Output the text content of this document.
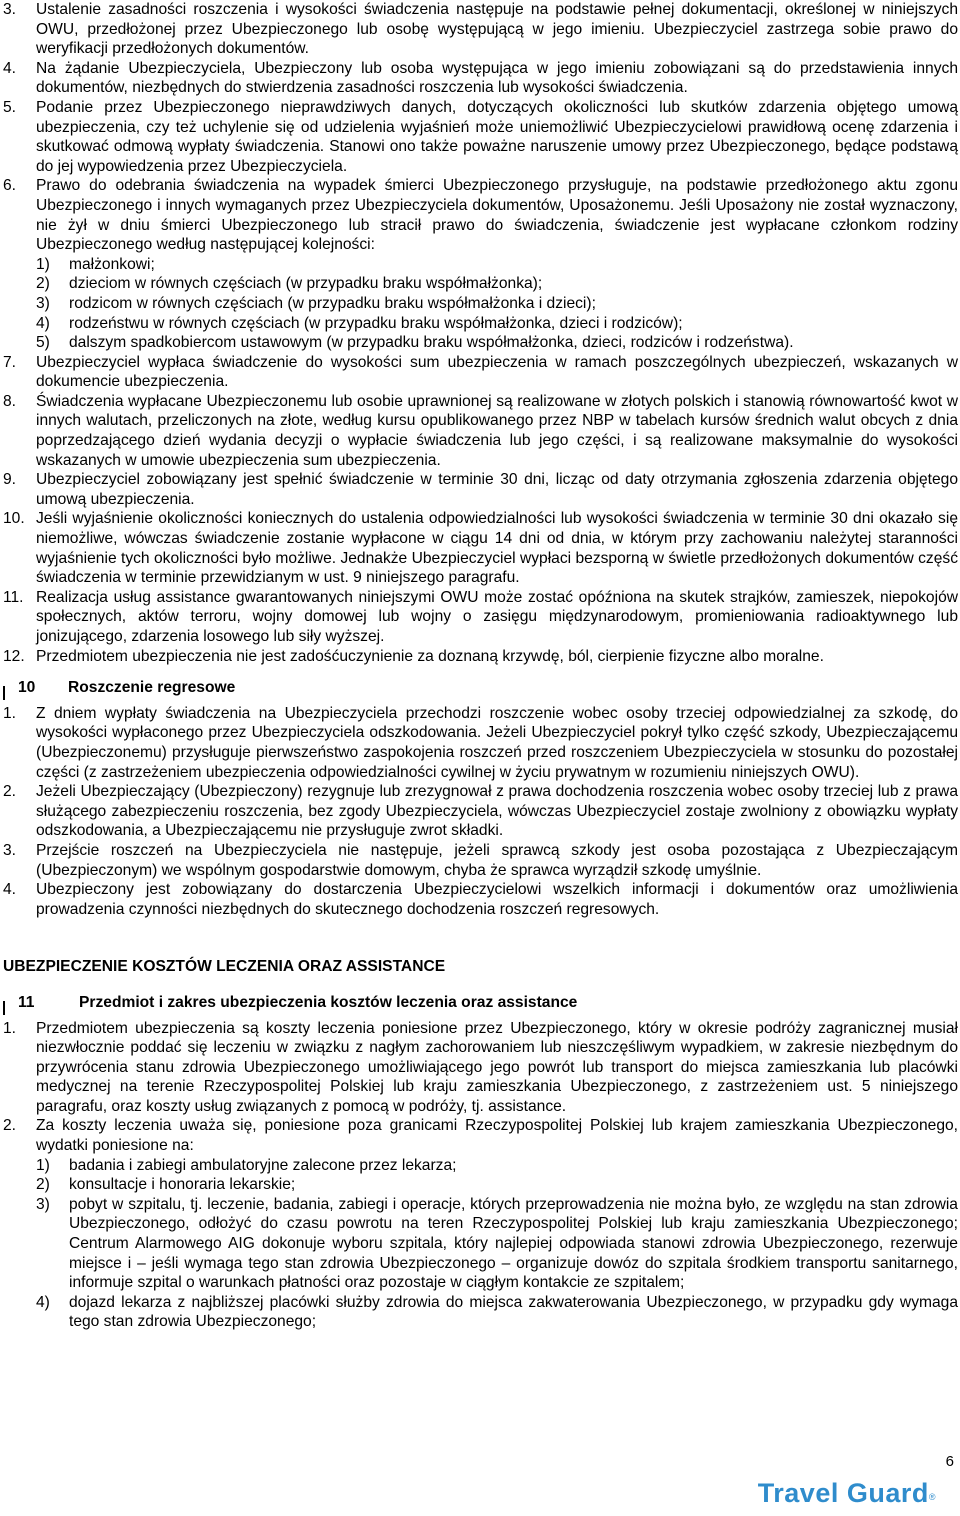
3. Ustalenie zasadności roszczenia i wysokości świadczenia następuje na podstawie pełnej dokumentacji, określonej w niniejszych OWU, przedłożonej przez Ubezpieczonego lub osobę występującą w jego imieniu. Ubezpieczyciel zastrzega sobie prawo do weryfikacji przedłożonych dokumentów.
4. Na żądanie Ubezpieczyciela, Ubezpieczony lub osoba występująca w jego imieniu zobowiązani są do przedstawienia innych dokumentów, niezbędnych do stwierdzenia zasadności roszczenia lub wysokości świadczenia.
5. Podanie przez Ubezpieczonego nieprawdziwych danych, dotyczących okoliczności lub skutków zdarzenia objętego umową ubezpieczenia, czy też uchylenie się od udzielenia wyjaśnień może uniemożliwić Ubezpieczycielowi prawidłową ocenę zdarzenia i skutkować odmową wypłaty świadczenia. Stanowi ono także poważne naruszenie umowy przez Ubezpieczonego, będące podstawą do jej wypowiedzenia przez Ubezpieczyciela.
6. Prawo do odebrania świadczenia na wypadek śmierci Ubezpieczonego przysługuje, na podstawie przedłożonego aktu zgonu Ubezpieczonego i innych wymaganych przez Ubezpieczyciela dokumentów, Uposażonemu. Jeśli Uposażony nie został wyznaczony, nie żył w dniu śmierci Ubezpieczonego lub stracił prawo do świadczenia, świadczenie jest wypłacane członkom rodziny Ubezpieczonego według następującej kolejności:
1) małżonkowi;
2) dzieciom w równych częściach (w przypadku braku współmałżonka);
3) rodzicom w równych częściach (w przypadku braku współmałżonka i dzieci);
4) rodzeństwu w równych częściach (w przypadku braku współmałżonka, dzieci i rodziców);
5) dalszym spadkobiercom ustawowym (w przypadku braku współmałżonka, dzieci, rodziców i rodzeństwa).
7. Ubezpieczyciel wypłaca świadczenie do wysokości sum ubezpieczenia w ramach poszczególnych ubezpieczeń, wskazanych w dokumencie ubezpieczenia.
8. Świadczenia wypłacane Ubezpieczonemu lub osobie uprawnionej są realizowane w złotych polskich i stanowią równowartość kwot w innych walutach, przeliczonych na złote, według kursu opublikowanego przez NBP w tabelach kursów średnich walut obcych z dnia poprzedzającego dzień wydania decyzji o wypłacie świadczenia lub jego części, i są realizowane maksymalnie do wysokości wskazanych w umowie ubezpieczenia sum ubezpieczenia.
9. Ubezpieczyciel zobowiązany jest spełnić świadczenie w terminie 30 dni, licząc od daty otrzymania zgłoszenia zdarzenia objętego umową ubezpieczenia.
10. Jeśli wyjaśnienie okoliczności koniecznych do ustalenia odpowiedzialności lub wysokości świadczenia w terminie 30 dni okazało się niemożliwe, wówczas świadczenie zostanie wypłacone w ciągu 14 dni od dnia, w którym przy zachowaniu należytej staranności wyjaśnienie tych okoliczności było możliwe. Jednakże Ubezpieczyciel wypłaci bezsporną w świetle przedłożonych dokumentów część świadczenia w terminie przewidzianym w ust. 9 niniejszego paragrafu.
11. Realizacja usług assistance gwarantowanych niniejszymi OWU może zostać opóźniona na skutek strajków, zamieszek, niepokojów społecznych, aktów terroru, wojny domowej lub wojny o zasięgu międzynarodowym, promieniowania radioaktywnego lub jonizującego, zdarzenia losowego lub siły wyższej.
12. Przedmiotem ubezpieczenia nie jest zadośćuczynienie za doznaną krzywdę, ból, cierpienie fizyczne albo moralne.
10 Roszczenie regresowe
1. Z dniem wypłaty świadczenia na Ubezpieczyciela przechodzi roszczenie wobec osoby trzeciej odpowiedzialnej za szkodę, do wysokości wypłaconego przez Ubezpieczyciela odszkodowania. Jeżeli Ubezpieczyciel pokrył tylko część szkody, Ubezpieczającemu (Ubezpieczonemu) przysługuje pierwszeństwo zaspokojenia roszczeń przed roszczeniem Ubezpieczyciela w stosunku do pozostałej części (z zastrzeżeniem ubezpieczenia odpowiedzialności cywilnej w życiu prywatnym w rozumieniu niniejszych OWU).
2. Jeżeli Ubezpieczający (Ubezpieczony) rezygnuje lub zrezygnował z prawa dochodzenia roszczenia wobec osoby trzeciej lub z prawa służącego zabezpieczeniu roszczenia, bez zgody Ubezpieczyciela, wówczas Ubezpieczyciel zostaje zwolniony z obowiązku wypłaty odszkodowania, a Ubezpieczającemu nie przysługuje zwrot składki.
3. Przejście roszczeń na Ubezpieczyciela nie następuje, jeżeli sprawcą szkody jest osoba pozostająca z Ubezpieczającym (Ubezpieczonym) we wspólnym gospodarstwie domowym, chyba że sprawca wyrządził szkodę umyślnie.
4. Ubezpieczony jest zobowiązany do dostarczenia Ubezpieczycielowi wszelkich informacji i dokumentów oraz umożliwienia prowadzenia czynności niezbędnych do skutecznego dochodzenia roszczeń regresowych.
UBEZPIECZENIE KOSZTÓW LECZENIA ORAZ ASSISTANCE
11	Przedmiot i zakres ubezpieczenia kosztów leczenia oraz assistance
1. Przedmiotem ubezpieczenia są koszty leczenia poniesione przez Ubezpieczonego, który w okresie podróży zagranicznej musiał niezwłocznie poddać się leczeniu w związku z nagłym zachorowaniem lub nieszczęśliwym wypadkiem, w zakresie niezbędnym do przywrócenia stanu zdrowia Ubezpieczonego umożliwiającego jego powrót lub transport do miejsca zamieszkania lub placówki medycznej na terenie Rzeczypospolitej Polskiej lub kraju zamieszkania Ubezpieczonego, z zastrzeżeniem ust. 5 niniejszego paragrafu, oraz koszty usług związanych z pomocą w podróży, tj. assistance.
2. Za koszty leczenia uważa się, poniesione poza granicami Rzeczypospolitej Polskiej lub krajem zamieszkania Ubezpieczonego, wydatki poniesione na:
1) badania i zabiegi ambulatoryjne zalecone przez lekarza;
2) konsultacje i honoraria lekarskie;
3) pobyt w szpitalu, tj. leczenie, badania, zabiegi i operacje, których przeprowadzenia nie można było, ze względu na stan zdrowia Ubezpieczonego, odłożyć do czasu powrotu na teren Rzeczypospolitej Polskiej lub kraju zamieszkania Ubezpieczonego; Centrum Alarmowego AIG dokonuje wyboru szpitala, który najlepiej odpowiada stanowi zdrowia Ubezpieczonego, rezerwuje miejsce i – jeśli wymaga tego stan zdrowia Ubezpieczonego – organizuje dowóz do szpitala środkiem transportu sanitarnego, informuje szpital o warunkach płatności oraz pozostaje w ciągłym kontakcie ze szpitalem;
4) dojazd lekarza z najbliższej placówki służby zdrowia do miejsca zakwaterowania Ubezpieczonego, w przypadku gdy wymaga tego stan zdrowia Ubezpieczonego;
6
Travel Guard®
